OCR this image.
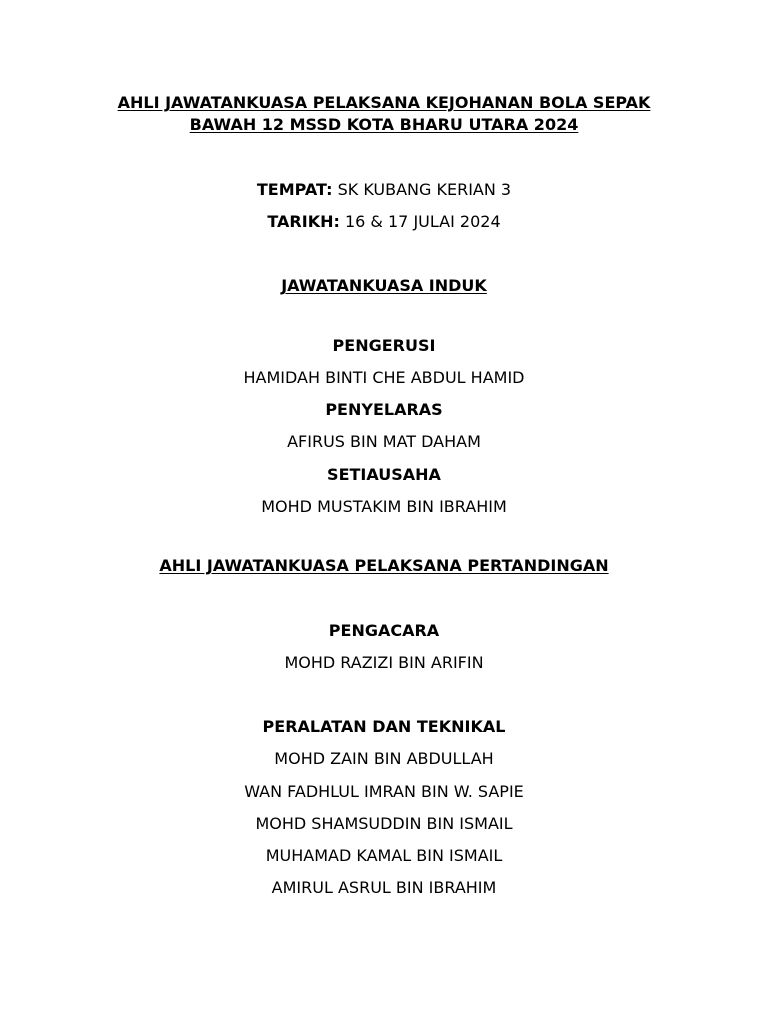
AHLI JAWATANKUASA PELAKSANA KEJOHANAN BOLA SEPAK
BAWAH 12 MSSD KOTA BHARU UTARA 2024
TEMPAT: SK KUBANG KERIAN 3
TARIKH: 16 & 17 JULAI 2024
JAWATANKUASA INDUK
PENGERUSI
HAMIDAH BINTI CHE ABDUL HAMID
PENYELARAS
AFIRUS BIN MAT DAHAM
SETIAUSAHA
MOHD MUSTAKIM BIN IBRAHIM
AHLI JAWATANKUASA PELAKSANA PERTANDINGAN
PENGACARA
MOHD RAZIZI BIN ARIFIN
PERALATAN DAN TEKNIKAL
MOHD ZAIN BIN ABDULLAH
WAN FADHLUL IMRAN BIN W. SAPIE
MOHD SHAMSUDDIN BIN ISMAIL
MUHAMAD KAMAL BIN ISMAIL
AMIRUL ASRUL BIN IBRAHIM
